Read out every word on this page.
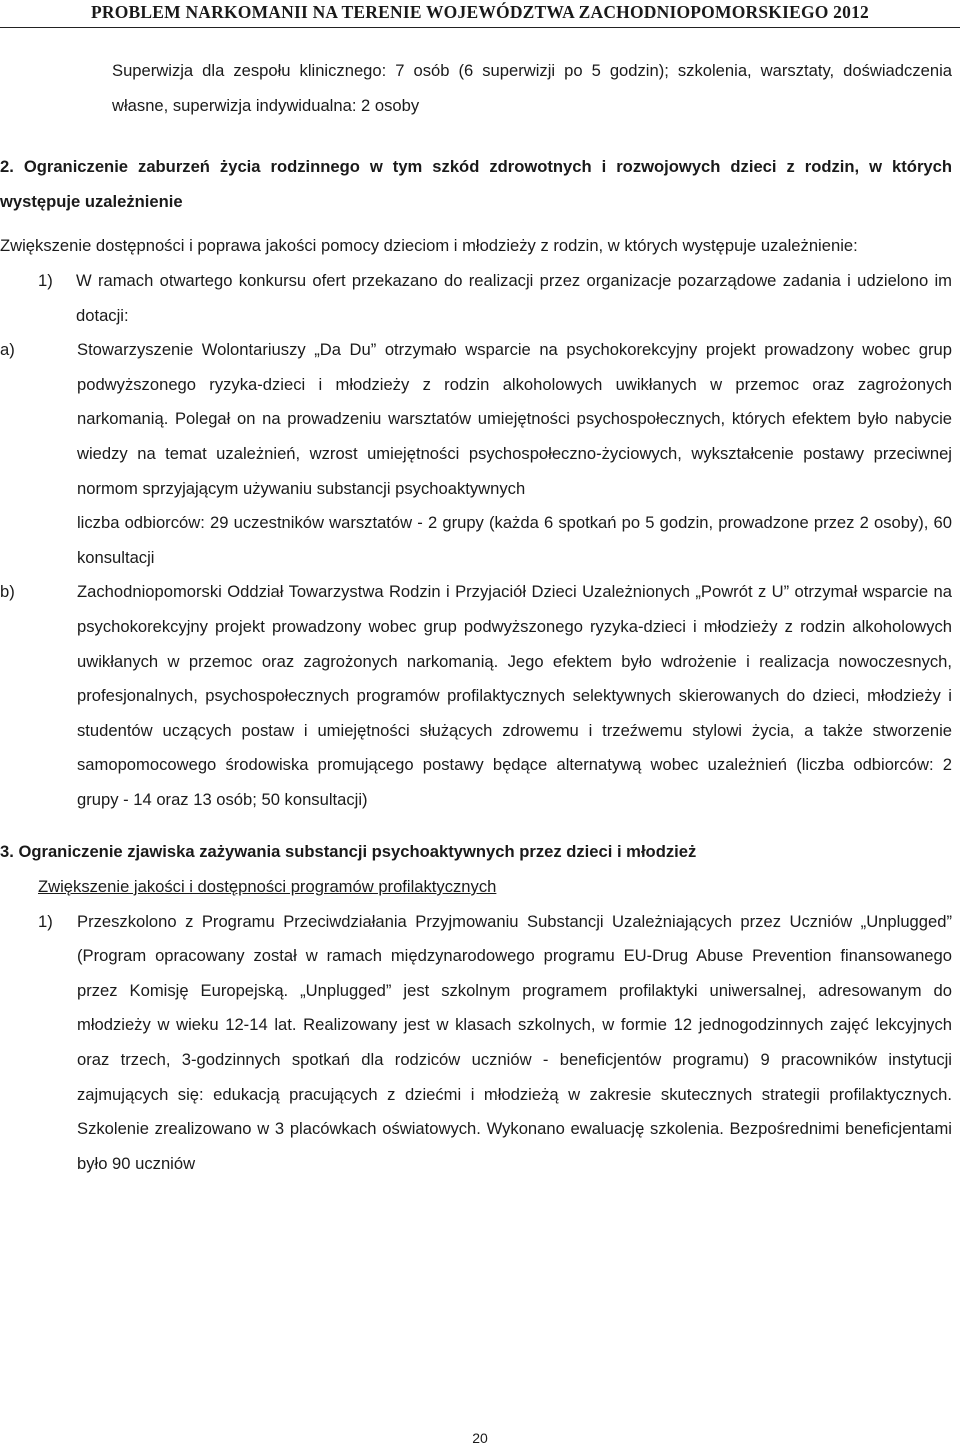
PROBLEM NARKOMANII NA TERENIE WOJEWÓDZTWA ZACHODNIOPOMORSKIEGO 2012

Superwizja dla zespołu klinicznego: 7 osób (6 superwizji po 5 godzin); szkolenia, warsztaty, doświadczenia własne, superwizja indywidualna: 2 osoby

2. Ograniczenie zaburzeń życia rodzinnego w tym szkód zdrowotnych i rozwojowych dzieci z rodzin, w których występuje uzależnienie

Zwiększenie dostępności i poprawa jakości pomocy dzieciom i młodzieży z rodzin, w których występuje uzależnienie:

1)	W ramach otwartego konkursu ofert przekazano do realizacji przez organizacje pozarządowe zadania i udzielono im dotacji:
a)	Stowarzyszenie Wolontariuszy „Da Du” otrzymało wsparcie na psychokorekcyjny projekt prowadzony wobec grup podwyższonego ryzyka-dzieci i młodzieży z rodzin alkoholowych uwikłanych w przemoc oraz zagrożonych narkomanią. Polegał on na prowadzeniu warsztatów umiejętności psychospołecznych, których efektem było nabycie wiedzy na temat uzależnień, wzrost umiejętności psychospołeczno-życiowych, wykształcenie postawy przeciwnej normom sprzyjającym używaniu substancji psychoaktywnych
liczba odbiorców: 29 uczestników warsztatów - 2 grupy (każda 6 spotkań po 5 godzin, prowadzone przez 2 osoby), 60 konsultacji
b)	Zachodniopomorski Oddział Towarzystwa Rodzin i Przyjaciół Dzieci Uzależnionych „Powrót z U” otrzymał wsparcie na psychokorekcyjny projekt prowadzony wobec grup podwyższonego ryzyka-dzieci i młodzieży z rodzin alkoholowych uwikłanych w przemoc oraz zagrożonych narkomanią. Jego efektem było wdrożenie i realizacja nowoczesnych, profesjonalnych, psychospołecznych programów profilaktycznych selektywnych skierowanych do dzieci, młodzieży i studentów uczących postaw i umiejętności służących zdrowemu i trzeźwemu stylowi życia, a także stworzenie samopomocowego środowiska promującego postawy będące alternatywą wobec uzależnień (liczba odbiorców: 2 grupy - 14 oraz 13 osób; 50 konsultacji)

3. Ograniczenie zjawiska zażywania substancji psychoaktywnych przez dzieci i młodzież

Zwiększenie jakości i dostępności programów profilaktycznych

1)	Przeszkolono z Programu Przeciwdziałania Przyjmowaniu Substancji Uzależniających przez Uczniów „Unplugged” (Program opracowany został w ramach międzynarodowego programu EU-Drug Abuse Prevention finansowanego przez Komisję Europejską. „Unplugged” jest szkolnym programem profilaktyki uniwersalnej, adresowanym do młodzieży w wieku 12-14 lat. Realizowany jest w klasach szkolnych, w formie 12 jednogodzinnych zajęć lekcyjnych oraz trzech, 3-godzinnych spotkań dla rodziców uczniów - beneficjentów programu) 9 pracowników instytucji zajmujących się: edukacją pracujących z dziećmi i młodzieżą w zakresie skutecznych strategii profilaktycznych. Szkolenie zrealizowano w 3 placówkach oświatowych. Wykonano ewaluację szkolenia. Bezpośrednimi beneficjentami było 90 uczniów
20
